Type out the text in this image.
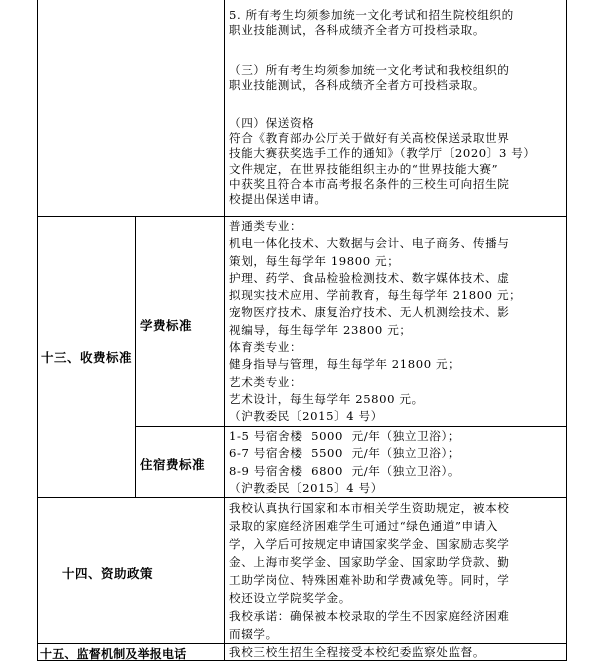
5. 所有考生均须参加统一文化考试和招生院校组织的
职业技能测试，各科成绩齐全者方可投档录取。
（三）所有考生均须参加统一文化考试和我校组织的
职业技能测试，各科成绩齐全者方可投档录取。
（四）保送资格
符合《教育部办公厅关于做好有关高校保送录取世界
技能大赛获奖选手工作的通知》（教学厅〔2020〕3 号）
文件规定，在世界技能组织主办的“世界技能大赛”
中获奖且符合本市高考报名条件的三校生可向招生院
校提出保送申请。
十三、收费标准
学费标准
普通类专业：
机电一体化技术、大数据与会计、电子商务、传播与
策划，每生每学年 19800 元；
护理、药学、食品检验检测技术、数字媒体技术、虚
拟现实技术应用、学前教育，每生每学年 21800 元；
宠物医疗技术、康复治疗技术、无人机测绘技术、影
视编导，每生每学年 23800 元；
体育类专业：
健身指导与管理，每生每学年 21800 元；
艺术类专业：
艺术设计，每生每学年 25800 元。
（沪教委民〔2015〕4 号）
住宿费标准
1-5 号宿舍楼  5000  元/年（独立卫浴）；
6-7 号宿舍楼  5500  元/年（独立卫浴）；
8-9 号宿舍楼  6800  元/年（独立卫浴）。
（沪教委民〔2015〕4 号）
十四、资助政策
我校认真执行国家和本市相关学生资助规定，被本校
录取的家庭经济困难学生可通过“绿色通道”申请入
学，入学后可按规定申请国家奖学金、国家励志奖学
金、上海市奖学金、国家助学金、国家助学贷款、勤
工助学岗位、特殊困难补助和学费减免等。同时，学
校还设立学院奖学金。
我校承诺：确保被本校录取的学生不因家庭经济困难
而辍学。
十五、监督机制及举报电话	我校三校生招生全程接受本校纪委监察处监督。
